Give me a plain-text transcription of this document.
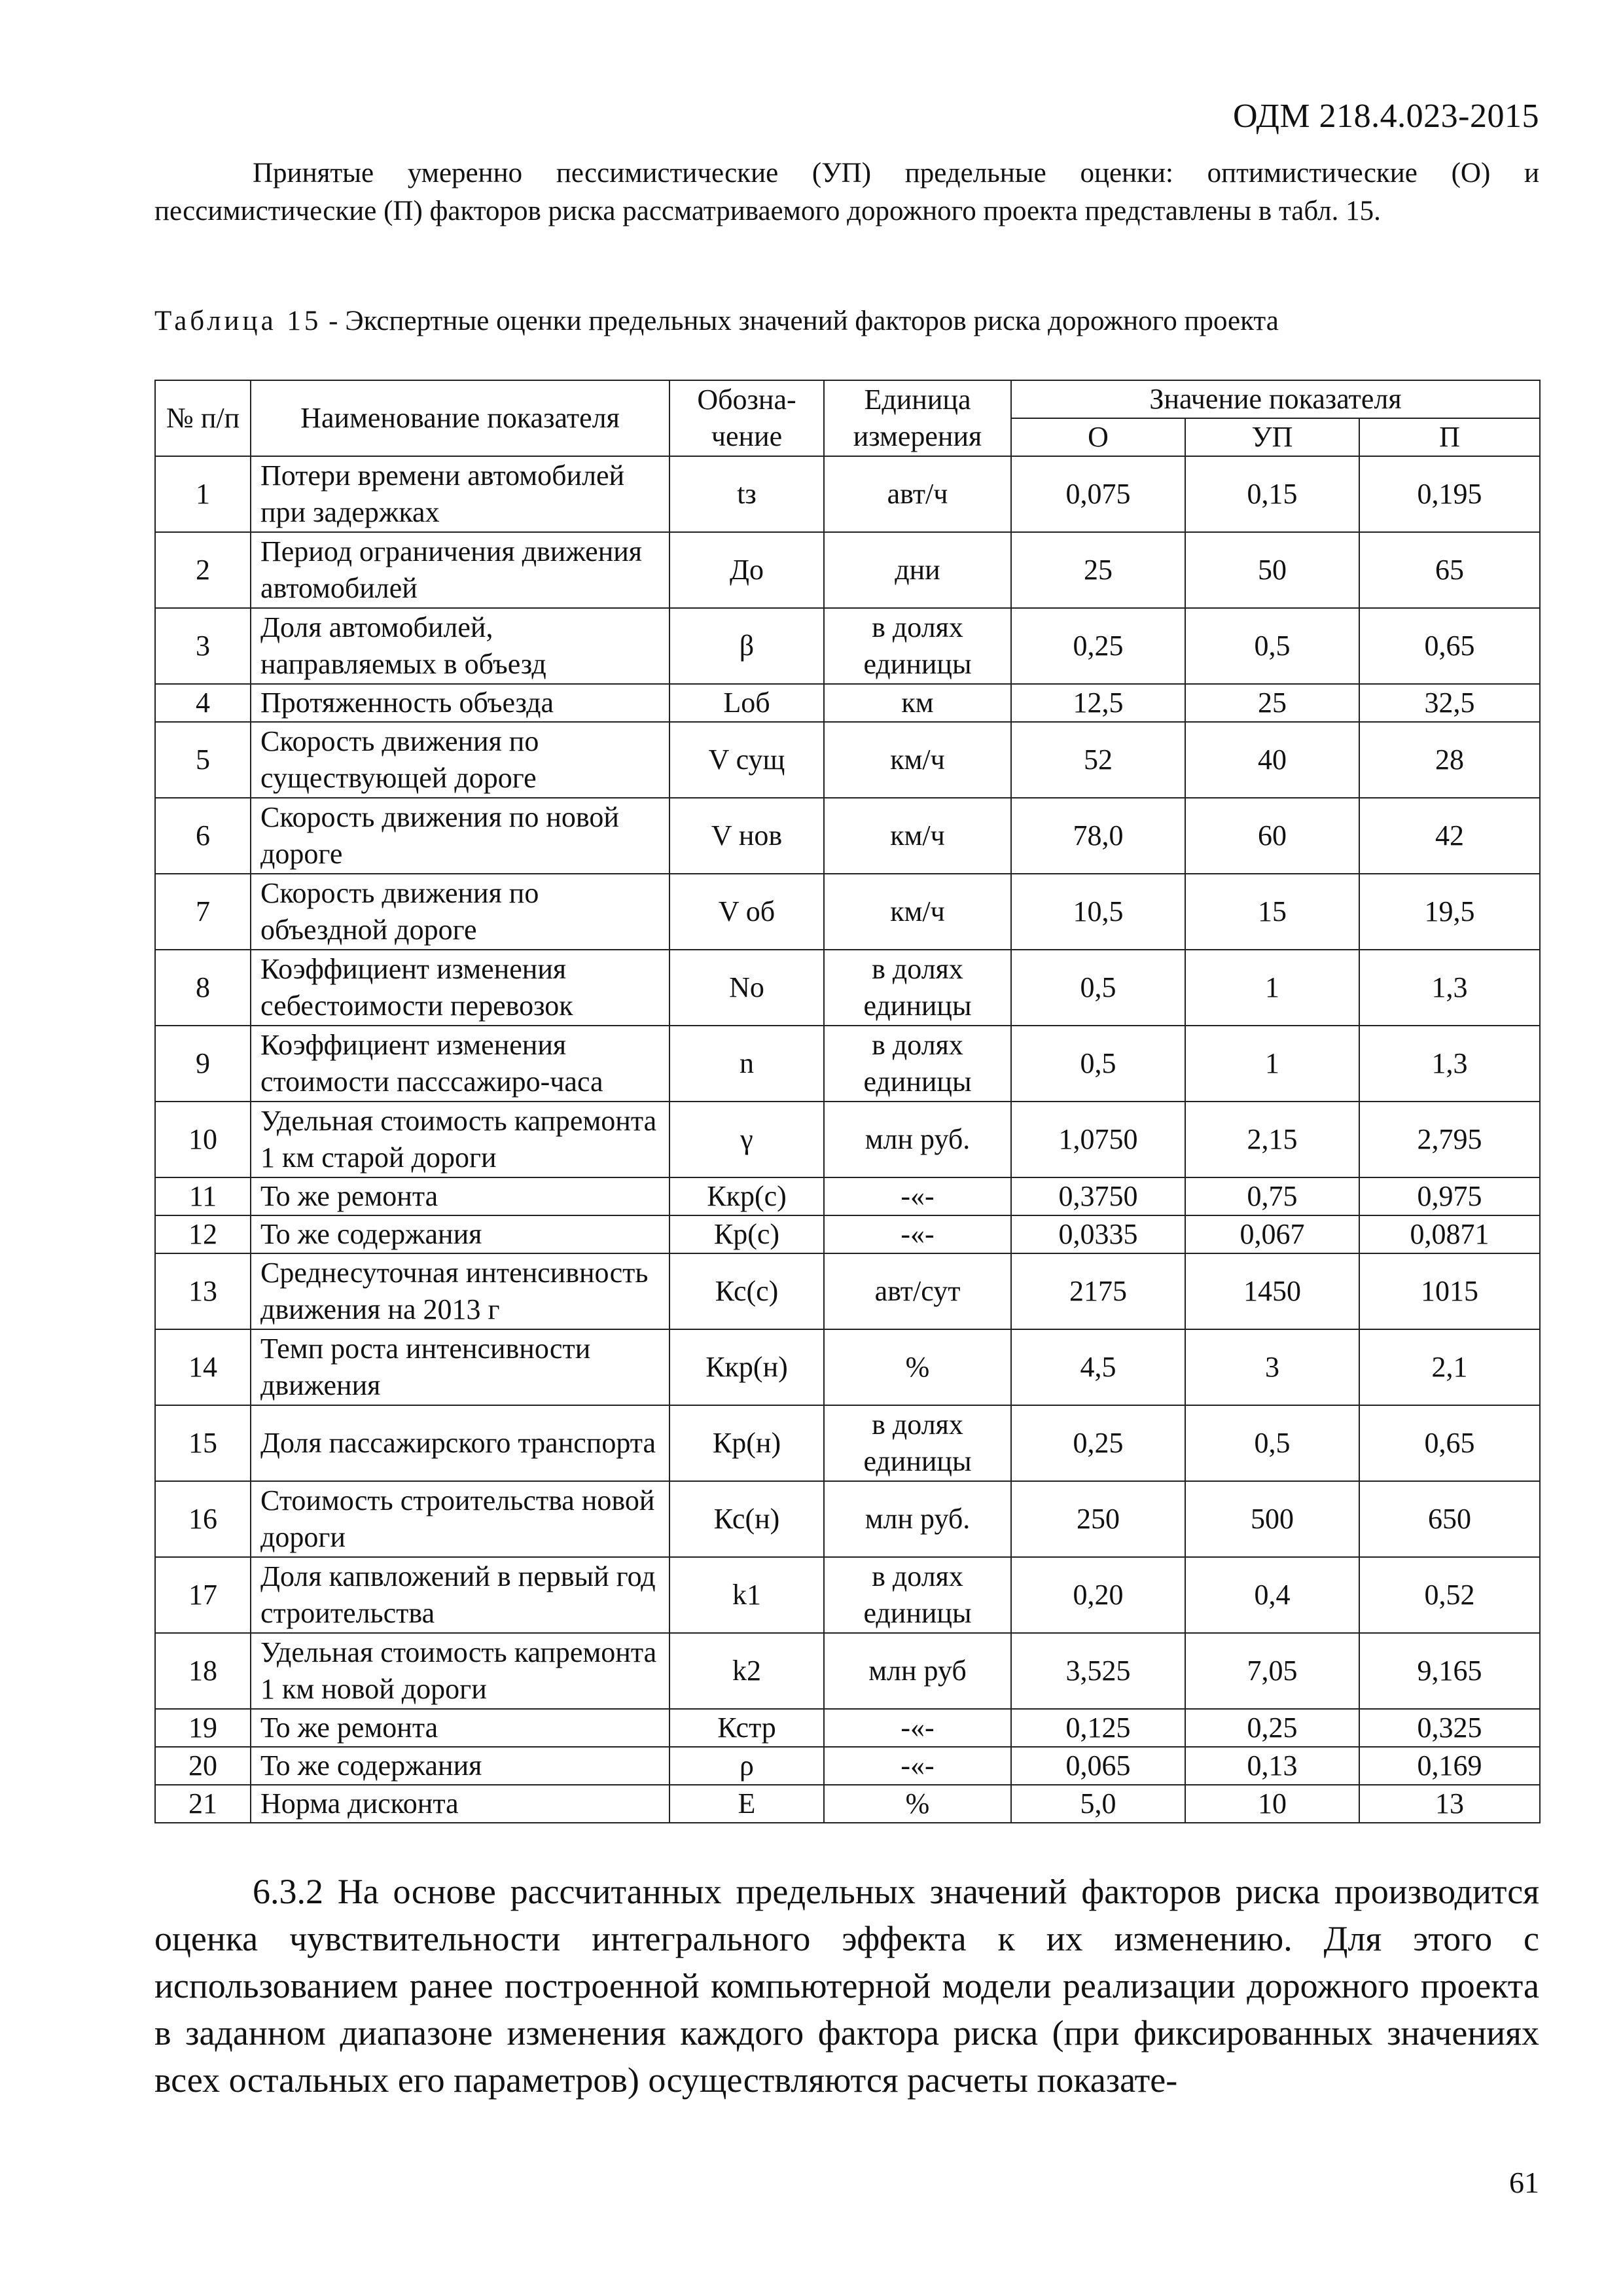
ОДМ 218.4.023-2015

Принятые умеренно пессимистические (УП) предельные оценки: оптимистические (О) и пессимистические (П) факторов риска рассматриваемого дорожного проекта представлены в табл. 15.

Таблица 15 - Экспертные оценки предельных значений факторов риска дорожного проекта
№ п/п	Наименование показателя	Обозна-чение	Единица измерения	Значение показателя		
				О	УП	П
1	Потери времени автомобилей при задержках	tз	авт/ч	0,075	0,15	0,195
2	Период ограничения движения автомобилей	До	дни	25	50	65
3	Доля автомобилей, направляемых в объезд	β	в долях единицы	0,25	0,5	0,65
4	Протяженность объезда	Lоб	км	12,5	25	32,5
5	Скорость движения по существующей дороге	V сущ	км/ч	52	40	28
6	Скорость движения по новой дороге	V нов	км/ч	78,0	60	42
7	Скорость движения по объездной дороге	V об	км/ч	10,5	15	19,5
8	Коэффициент изменения себестоимости перевозок	No	в долях единицы	0,5	1	1,3
9	Коэффициент изменения стоимости пасссажиро-часа	n	в долях единицы	0,5	1	1,3
10	Удельная стоимость капремонта 1 км старой дороги	γ	млн руб.	1,0750	2,15	2,795
11	То же ремонта	Ккр(с)	-«-	0,3750	0,75	0,975
12	То же содержания	Кр(с)	-«-	0,0335	0,067	0,0871
13	Среднесуточная интенсивность движения на 2013 г	Кс(с)	авт/сут	2175	1450	1015
14	Темп роста интенсивности движения	Ккр(н)	%	4,5	3	2,1
15	Доля пассажирского транспорта	Кр(н)	в долях единицы	0,25	0,5	0,65
16	Стоимость строительства новой дороги	Кс(н)	млн руб.	250	500	650
17	Доля капвложений в первый год строительства	k1	в долях единицы	0,20	0,4	0,52
18	Удельная стоимость капремонта 1 км новой дороги	k2	млн руб	3,525	7,05	9,165
19	То же ремонта	Кстр	-«-	0,125	0,25	0,325
20	То же содержания	ρ	-«-	0,065	0,13	0,169
21	Норма дисконта	Е	%	5,0	10	13

6.3.2 На основе рассчитанных предельных значений факторов риска производится оценка чувствительности интегрального эффекта к их изменению. Для этого с использованием ранее построенной компьютерной модели реализации дорожного проекта в заданном диапазоне изменения каждого фактора риска (при фиксированных значениях всех остальных его параметров) осуществляются расчеты показате-

61
